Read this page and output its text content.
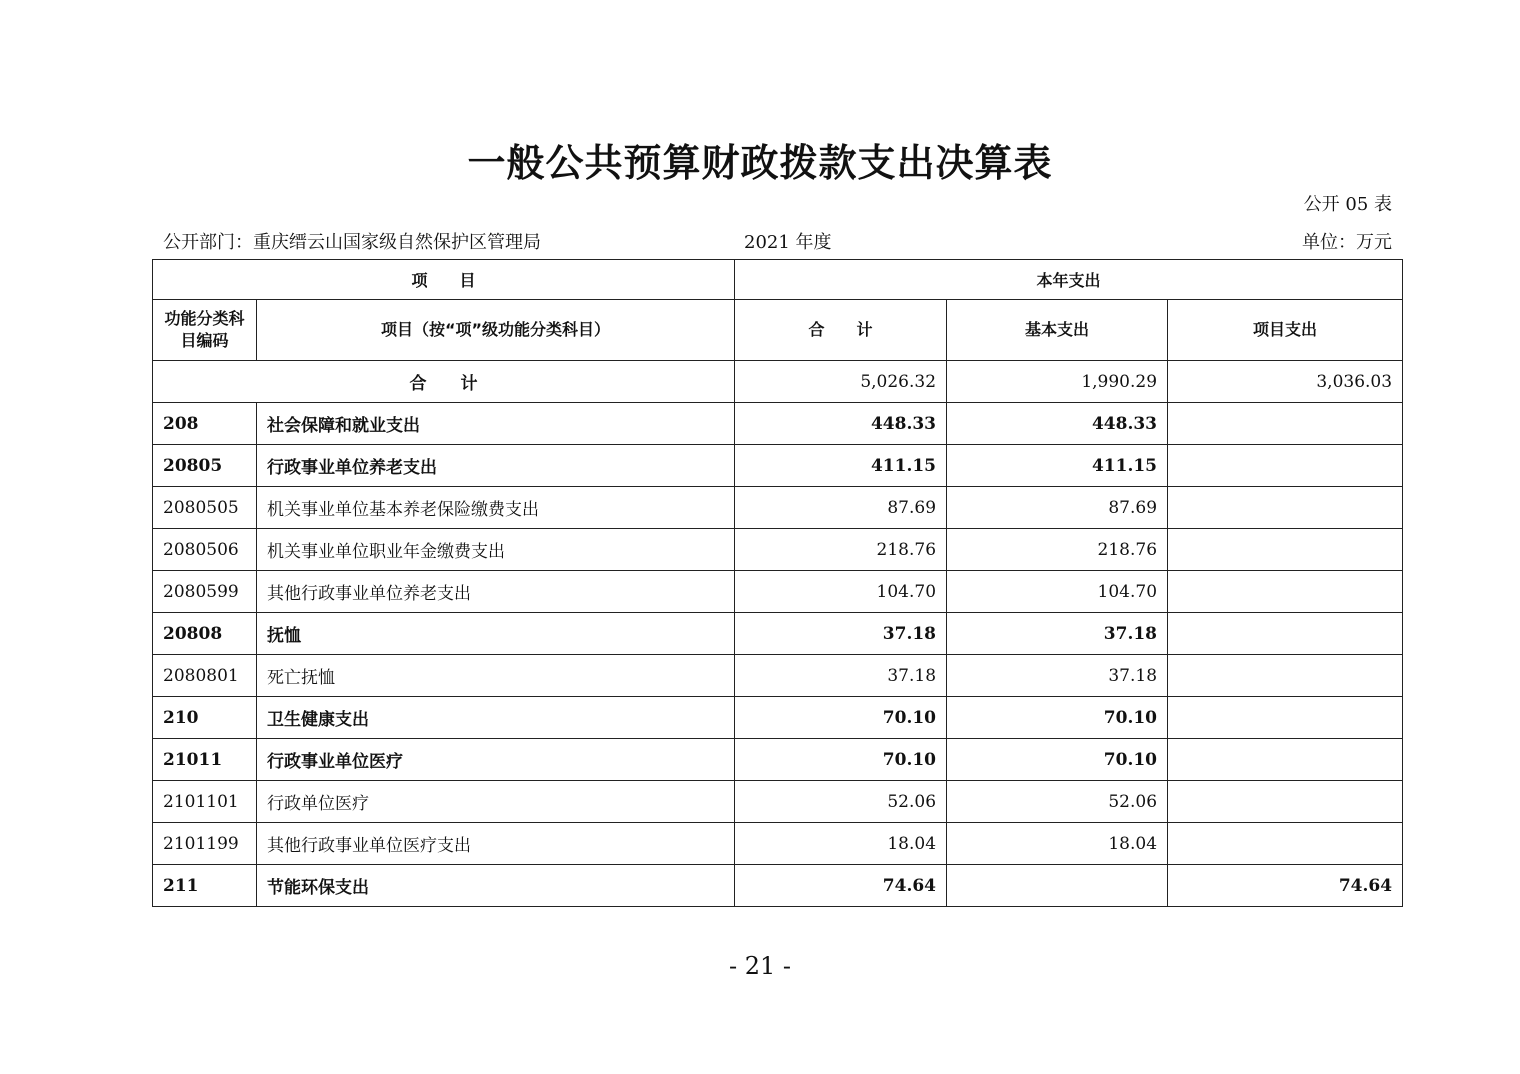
一般公共预算财政拨款支出决算表
公开 05 表
公开部门：重庆缙云山国家级自然保护区管理局	2021 年度	单位：万元
项　　目		本年支出		
功能分类科目编码	项目（按“项”级功能分类科目）	合　　计	基本支出	项目支出
合　　计		5,026.32	1,990.29	3,036.03
208	社会保障和就业支出	448.33	448.33	
20805	行政事业单位养老支出	411.15	411.15	
2080505	机关事业单位基本养老保险缴费支出	87.69	87.69	
2080506	机关事业单位职业年金缴费支出	218.76	218.76	
2080599	其他行政事业单位养老支出	104.70	104.70	
20808	抚恤	37.18	37.18	
2080801	死亡抚恤	37.18	37.18	
210	卫生健康支出	70.10	70.10	
21011	行政事业单位医疗	70.10	70.10	
2101101	行政单位医疗	52.06	52.06	
2101199	其他行政事业单位医疗支出	18.04	18.04	
211	节能环保支出	74.64		74.64
- 21 -
